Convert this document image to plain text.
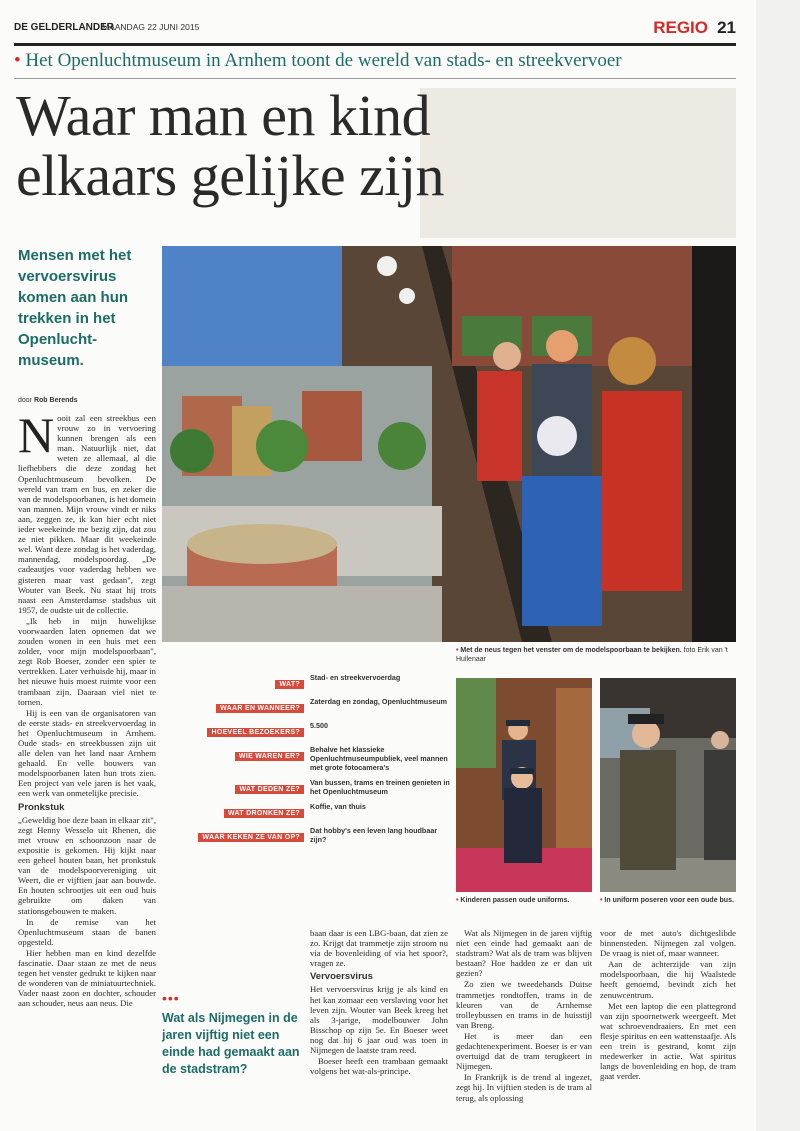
DE GELDERLANDER
MAANDAG 22 JUNI 2015	REGIO 21
• Het Openluchtmuseum in Arnhem toont de wereld van stads- en streekvervoer
Waar man en kind
elkaars gelijke zijn
Mensen met het vervoersvirus komen aan hun trekken in het Openlucht-museum.
door Rob Berends

Nooit zal een streekbus een vrouw zo in vervoering kunnen brengen als een man. Natuurlijk niet, dat weten ze allemaal, al die liefhebbers die deze zondag het Openluchtmuseum bevolken. De wereld van tram en bus, en zeker die van de modelspoorbanen, is het domein van mannen. Mijn vrouw vindt er niks aan, zeggen ze, ik kan hier echt niet ieder weekeinde me bezig zijn, dat zou ze niet pikken. Maar dit weekeinde wel. Want deze zondag is het vaderdag, mannendag, modelspoordag. „De cadeautjes voor vaderdag hebben we gisteren maar vast gedaan", zegt Wouter van Beek. Nu staat hij trots naast een Amsterdamse stadsbus uit 1957, de oudste uit de collectie.

„Ik heb in mijn huwelijkse voorwaarden laten opnemen dat we zouden wonen in een huis met een zolder, voor mijn modelspoorbaan", zegt Rob Boeser, zonder een spier te vertrekken. Later verhuisde hij, maar in het nieuwe huis moest ruimte voor een trambaan zijn. Daaraan viel niet te tornen.

Hij is een van de organisatoren van de eerste stads- en streekvervoerdag in het Openluchtmuseum in Arnhem. Oude stads- en streekbussen zijn uit alle delen van het land naar Arnhem gehaald. En velle bouwers van modelspoorbanen laten hun trots zien. Een project van vele jaren is het vaak, een werk van onmetelijke precisie.

Pronkstuk

„Geweldig hoe deze baan in elkaar zit", zegt Henny Wesselo uit Rhenen, die met vrouw en schoonzoon naar de expositie is gekomen. Hij kijkt naar een geheel houten baan, het pronkstuk van de modelspoorvereniging uit Weert, die er vijftien jaar aan bouwde. En houten schrootjes uit een oud huis gebruikte om daken van stationsgebouwen te maken.

In de remise van het Openluchtmuseum staan de banen opgesteld.

Hier hebben man en kind dezelfde fascinatie. Daar staan ze met de neus tegen het venster gedrukt te kijken naar de wonderen van de miniatuurtechniek. Vader naast zoon en dochter, schouder aan schouder, neus aan neus. Die

• Met de neus tegen het venster om de modelspoorbaan te bekijken. foto Erik van 't Hullenaar
WAT?
Stad- en streekvervoerdag
WAAR EN WANNEER?
Zaterdag en zondag, Openluchtmuseum
HOEVEEL BEZOEKERS?
5.500
WIE WAREN ER?
Behalve het klassieke Openluchtmuseumpubliek, veel mannen met grote fotocamera's
WAT DEDEN ZE?
Van bussen, trams en treinen genieten in het Openluchtmuseum
WAT DRONKEN ZE?
Koffie, van thuis
WAAR KEKEN ZE VAN OP?
Dat hobby's een leven lang houdbaar zijn?
• Kinderen passen oude uniforms.	• In uniform poseren voor een oude bus.
•••
Wat als Nijmegen in de jaren vijftig niet een einde had gemaakt aan de stadstram?

baan daar is een LBG-baan, dat zien ze zo. Krijgt dat trammetje zijn stroom nu via de bovenleiding of via het spoor?, vragen ze.

Vervoersvirus

Het vervoersvirus krijg je als kind en het kan zomaar een verslaving voor het leven zijn. Wouter van Beek kreeg het als 3-jarige, modelbouwer John Bisschop op zijn 5e. En Boeser weet nog dat hij 6 jaar oud was toen in Nijmegen de laatste tram reed.

Boeser heeft een trambaan gemaakt volgens het wat-als-principe.

Wat als Nijmegen in de jaren vijftig niet een einde had gemaakt aan de stadstram? Wat als de tram was blijven bestaan? Hoe hadden ze er dan uit gezien?

Zo zien we tweedehands Duitse trammetjes rondtoffen, trams in de kleuren van de Arnhemse trolleybussen en trams in de huisstijl van Breng.

Het is meer dan een gedachtenexperiment. Boeser is er van overtuigd dat de tram terugkeert in Nijmegen.

In Frankrijk is de trend al ingezet, zegt hij. In vijftien steden is de tram al terug, als oplossing

voor de met auto's dichtgeslibde binnensteden. Nijmegen zal volgen. De vraag is niet of, maar wanneer.

Aan de achterzijde van zijn modelspoorbaan, die hij Waalstede heeft genoemd, bevindt zich het zenuwcentrum.

Met een laptop die een plattegrond van zijn spoornetwerk weergeeft. Met wat schroevendraaiers. En met een flesje spiritus en een wattenstaafje. Als een trein is gestrand, komt zijn medewerker in actie. Wat spiritus langs de bovenleiding en hop, de tram gaat verder.
